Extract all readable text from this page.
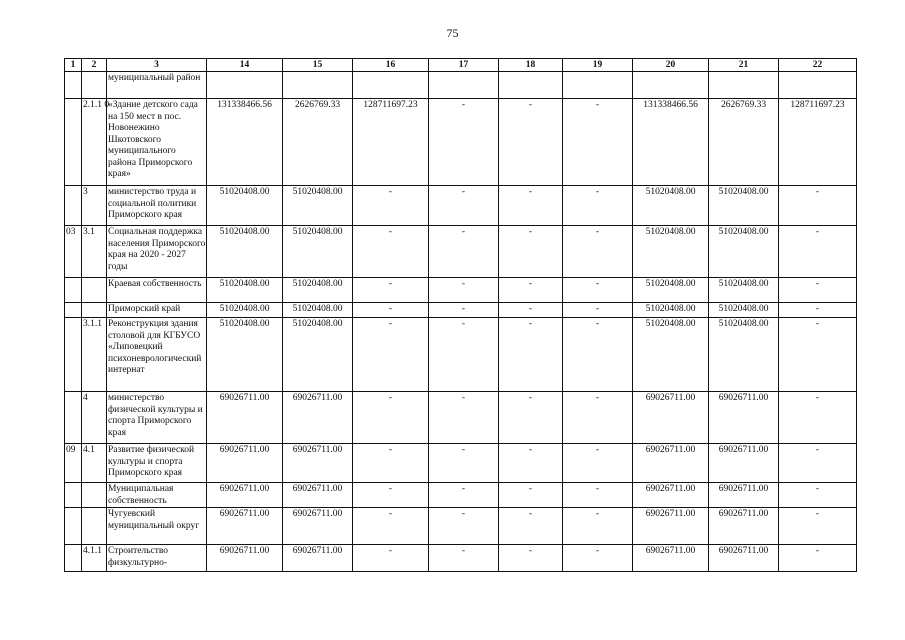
75
1	2	3	14	15	16	17	18	19	20	21	22
		муниципальный район									
	2.1.1 0	«Здание детского сада на 150 мест в пос. Новонежино Шкотовского муниципального района Приморского края»	131338466.56	2626769.33	128711697.23	-	-	-	131338466.56	2626769.33	128711697.23
	3	министерство труда и социальной политики Приморского края	51020408.00	51020408.00	-	-	-	-	51020408.00	51020408.00	-
03	3.1	Социальная поддержка населения Приморского края на 2020 - 2027 годы	51020408.00	51020408.00	-	-	-	-	51020408.00	51020408.00	-
		Краевая собственность	51020408.00	51020408.00	-	-	-	-	51020408.00	51020408.00	-
		Приморский край	51020408.00	51020408.00	-	-	-	-	51020408.00	51020408.00	-
	3.1.1	Реконструкция здания столовой для КГБУСО «Липовецкий психоневрологический интернат	51020408.00	51020408.00	-	-	-	-	51020408.00	51020408.00	-
	4	министерство физической культуры и спорта Приморского края	69026711.00	69026711.00	-	-	-	-	69026711.00	69026711.00	-
09	4.1	Развитие физической культуры и спорта Приморского края	69026711.00	69026711.00	-	-	-	-	69026711.00	69026711.00	-
		Муниципальная собственность	69026711.00	69026711.00	-	-	-	-	69026711.00	69026711.00	-
		Чугуевский муниципальный округ	69026711.00	69026711.00	-	-	-	-	69026711.00	69026711.00	-
	4.1.1	Строительство физкультурно-	69026711.00	69026711.00	-	-	-	-	69026711.00	69026711.00	-
